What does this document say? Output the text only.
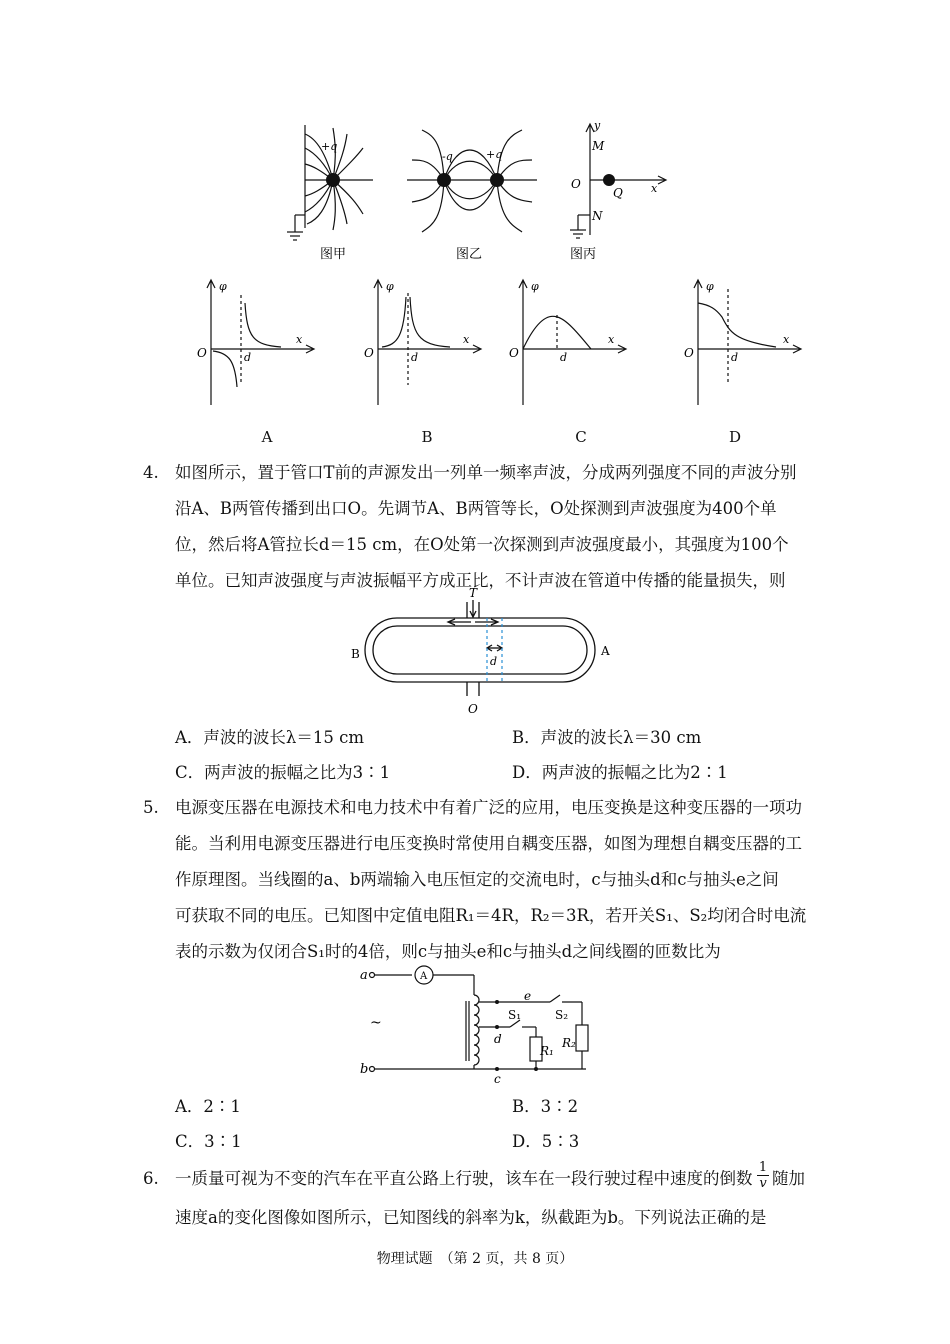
+q
图甲
-q	+q
图乙
y
M
O
Q	x
N
图丙
φ
x
O	d
φ
x
O	d
φ
x
O	d
φ
x
O	d
A	B	C	D
4. 如图所示，置于管口T前的声源发出一列单一频率声波，分成两列强度不同的声波分别
沿A、B两管传播到出口O。先调节A、B两管等长，O处探测到声波强度为400个单
位，然后将A管拉长d＝15 cm，在O处第一次探测到声波强度最小，其强度为100个
单位。已知声波强度与声波振幅平方成正比，不计声波在管道中传播的能量损失，则
T
B	A
d
O
A．声波的波长λ＝15 cm	B．声波的波长λ＝30 cm
C．两声波的振幅之比为3∶1	D．两声波的振幅之比为2∶1
5. 电源变压器在电源技术和电力技术中有着广泛的应用，电压变换是这种变压器的一项功
能。当利用电源变压器进行电压变换时常使用自耦变压器，如图为理想自耦变压器的工
作原理图。当线圈的a、b两端输入电压恒定的交流电时，c与抽头d和c与抽头e之间
可获取不同的电压。已知图中定值电阻R₁＝4R，R₂＝3R，若开关S₁、S₂均闭合时电流
表的示数为仅闭合S₁时的4倍，则c与抽头e和c与抽头d之间线圈的匝数比为
a
b
A
~
e
d
c
S₁	S₂
R₁
R₂
A．2∶1	B．3∶2
C．3∶1	D．5∶3
6. 一质量可视为不变的汽车在平直公路上行驶，该车在一段行驶过程中速度的倒数 $\frac{1}{v}$ 随加
速度a的变化图像如图所示，已知图线的斜率为k，纵截距为b。下列说法正确的是
物理试题　（第 2 页，共 8 页）
